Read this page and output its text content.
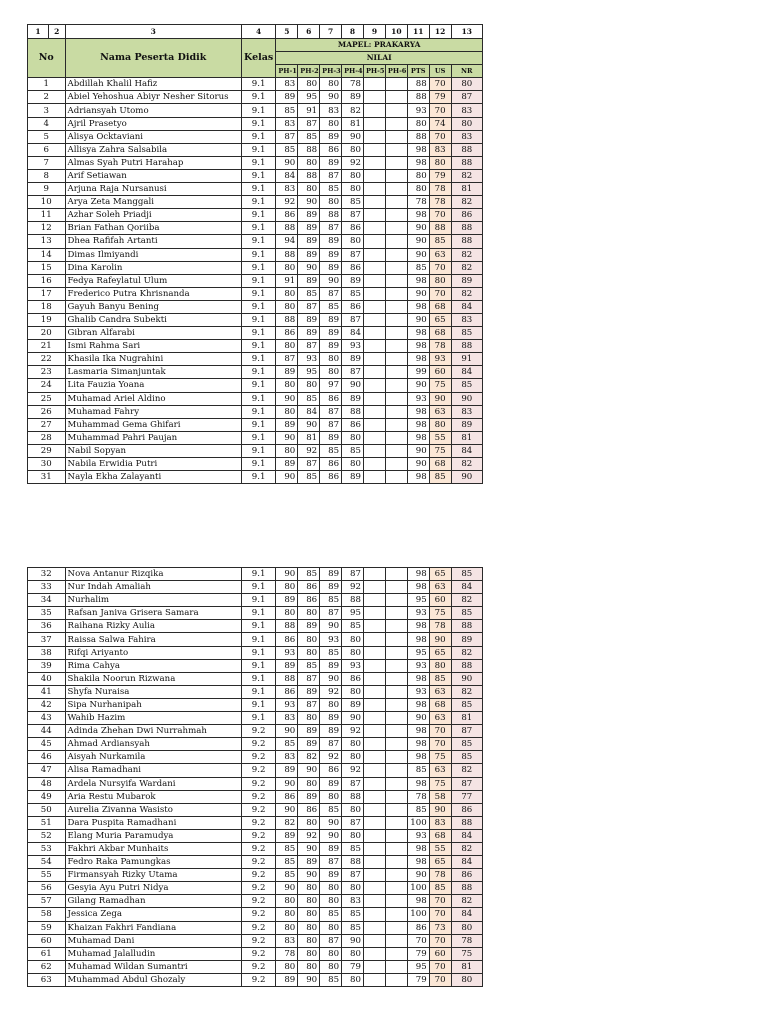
1	2	3	4	5	6	7	8	9	10	11	12	13
No		Nama Peserta Didik	Kelas	MAPEL: PRAKARYA								
				NILAI								
				PH-1	PH-2	PH-3	PH-4	PH-5	PH-6	PTS	US	NR
1		Abdillah Khalil Hafiz	9.1	83	80	80	78			88	70	80
2		Abiel Yehoshua Abiyr Nesher Sitorus	9.1	89	95	90	89			88	79	87
3		Adriansyah Utomo	9.1	85	91	83	82			93	70	83
4		Ajril Prasetyo	9.1	83	87	80	81			80	74	80
5		Alisya Ocktaviani	9.1	87	85	89	90			88	70	83
6		Allisya Zahra Salsabila	9.1	85	88	86	80			98	83	88
7		Almas Syah Putri Harahap	9.1	90	80	89	92			98	80	88
8		Arif Setiawan	9.1	84	88	87	80			80	79	82
9		Arjuna Raja Nursanusi	9.1	83	80	85	80			80	78	81
10		Arya Zeta Manggali	9.1	92	90	80	85			78	78	82
11		Azhar Soleh Priadji	9.1	86	89	88	87			98	70	86
12		Brian Fathan Qoriiba	9.1	88	89	87	86			90	88	88
13		Dhea Rafifah Artanti	9.1	94	89	89	80			90	85	88
14		Dimas Ilmiyandi	9.1	88	89	89	87			90	63	82
15		Dina Karolin	9.1	80	90	89	86			85	70	82
16		Fedya Rafeylatul Ulum	9.1	91	89	90	89			98	80	89
17		Frederico Putra Khrisnanda	9.1	80	85	87	85			90	70	82
18		Gayuh Banyu Bening	9.1	80	87	85	86			98	68	84
19		Ghalib Candra Subekti	9.1	88	89	89	87			90	65	83
20		Gibran Alfarabi	9.1	86	89	89	84			98	68	85
21		Ismi Rahma Sari	9.1	80	87	89	93			98	78	88
22		Khasila Ika Nugrahini	9.1	87	93	80	89			98	93	91
23		Lasmaria Simanjuntak	9.1	89	95	80	87			99	60	84
24		Lita Fauzia Yoana	9.1	80	80	97	90			90	75	85
25		Muhamad Ariel Aldino	9.1	90	85	86	89			93	90	90
26		Muhamad Fahry	9.1	80	84	87	88			98	63	83
27		Muhammad Gema Ghifari	9.1	89	90	87	86			98	80	89
28		Muhammad Pahri Paujan	9.1	90	81	89	80			98	55	81
29		Nabil Sopyan	9.1	80	92	85	85			90	75	84
30		Nabila Erwidia Putri	9.1	89	87	86	80			90	68	82
31		Nayla Ekha Zalayanti	9.1	90	85	86	89			98	85	90
32	Nova Antanur Rizqika	9.1	90	85	89	87			98	65	85
33	Nur Indah Amaliah	9.1	80	86	89	92			98	63	84
34	Nurhalim	9.1	89	86	85	88			95	60	82
35	Rafsan Janiva Grisera Samara	9.1	80	80	87	95			93	75	85
36	Raihana Rizky Aulia	9.1	88	89	90	85			98	78	88
37	Raissa Salwa Fahira	9.1	86	80	93	80			98	90	89
38	Rifqi Ariyanto	9.1	93	80	85	80			95	65	82
39	Rima Cahya	9.1	89	85	89	93			93	80	88
40	Shakila Noorun Rizwana	9.1	88	87	90	86			98	85	90
41	Shyfa Nuraisa	9.1	86	89	92	80			93	63	82
42	Sipa Nurhanipah	9.1	93	87	80	89			98	68	85
43	Wahib Hazim	9.1	83	80	89	90			90	63	81
44	Adinda Zhehan Dwi Nurrahmah	9.2	90	89	89	92			98	70	87
45	Ahmad Ardiansyah	9.2	85	89	87	80			98	70	85
46	Aisyah Nurkamila	9.2	83	82	92	80			98	75	85
47	Alisa Ramadhani	9.2	89	90	86	92			85	63	82
48	Ardela Nursyifa Wardani	9.2	90	80	89	87			98	75	87
49	Aria Restu Mubarok	9.2	86	89	80	88			78	58	77
50	Aurelia Zivanna Wasisto	9.2	90	86	85	80			85	90	86
51	Dara Puspita Ramadhani	9.2	82	80	90	87			100	83	88
52	Elang Muria Paramudya	9.2	89	92	90	80			93	68	84
53	Fakhri Akbar Munhaits	9.2	85	90	89	85			98	55	82
54	Fedro Raka Pamungkas	9.2	85	89	87	88			98	65	84
55	Firmansyah Rizky Utama	9.2	85	90	89	87			90	78	86
56	Gesyia Ayu Putri Nidya	9.2	90	80	80	80			100	85	88
57	Gilang Ramadhan	9.2	80	80	80	83			98	70	82
58	Jessica Zega	9.2	80	80	85	85			100	70	84
59	Khaizan Fakhri Fandiana	9.2	80	80	80	85			86	73	80
60	Muhamad Dani	9.2	83	80	87	90			70	70	78
61	Muhamad Jalalludin	9.2	78	80	80	80			79	60	75
62	Muhamad Wildan Sumantri	9.2	80	80	80	79			95	70	81
63	Muhammad Abdul Ghozaly	9.2	89	90	85	80			79	70	80
